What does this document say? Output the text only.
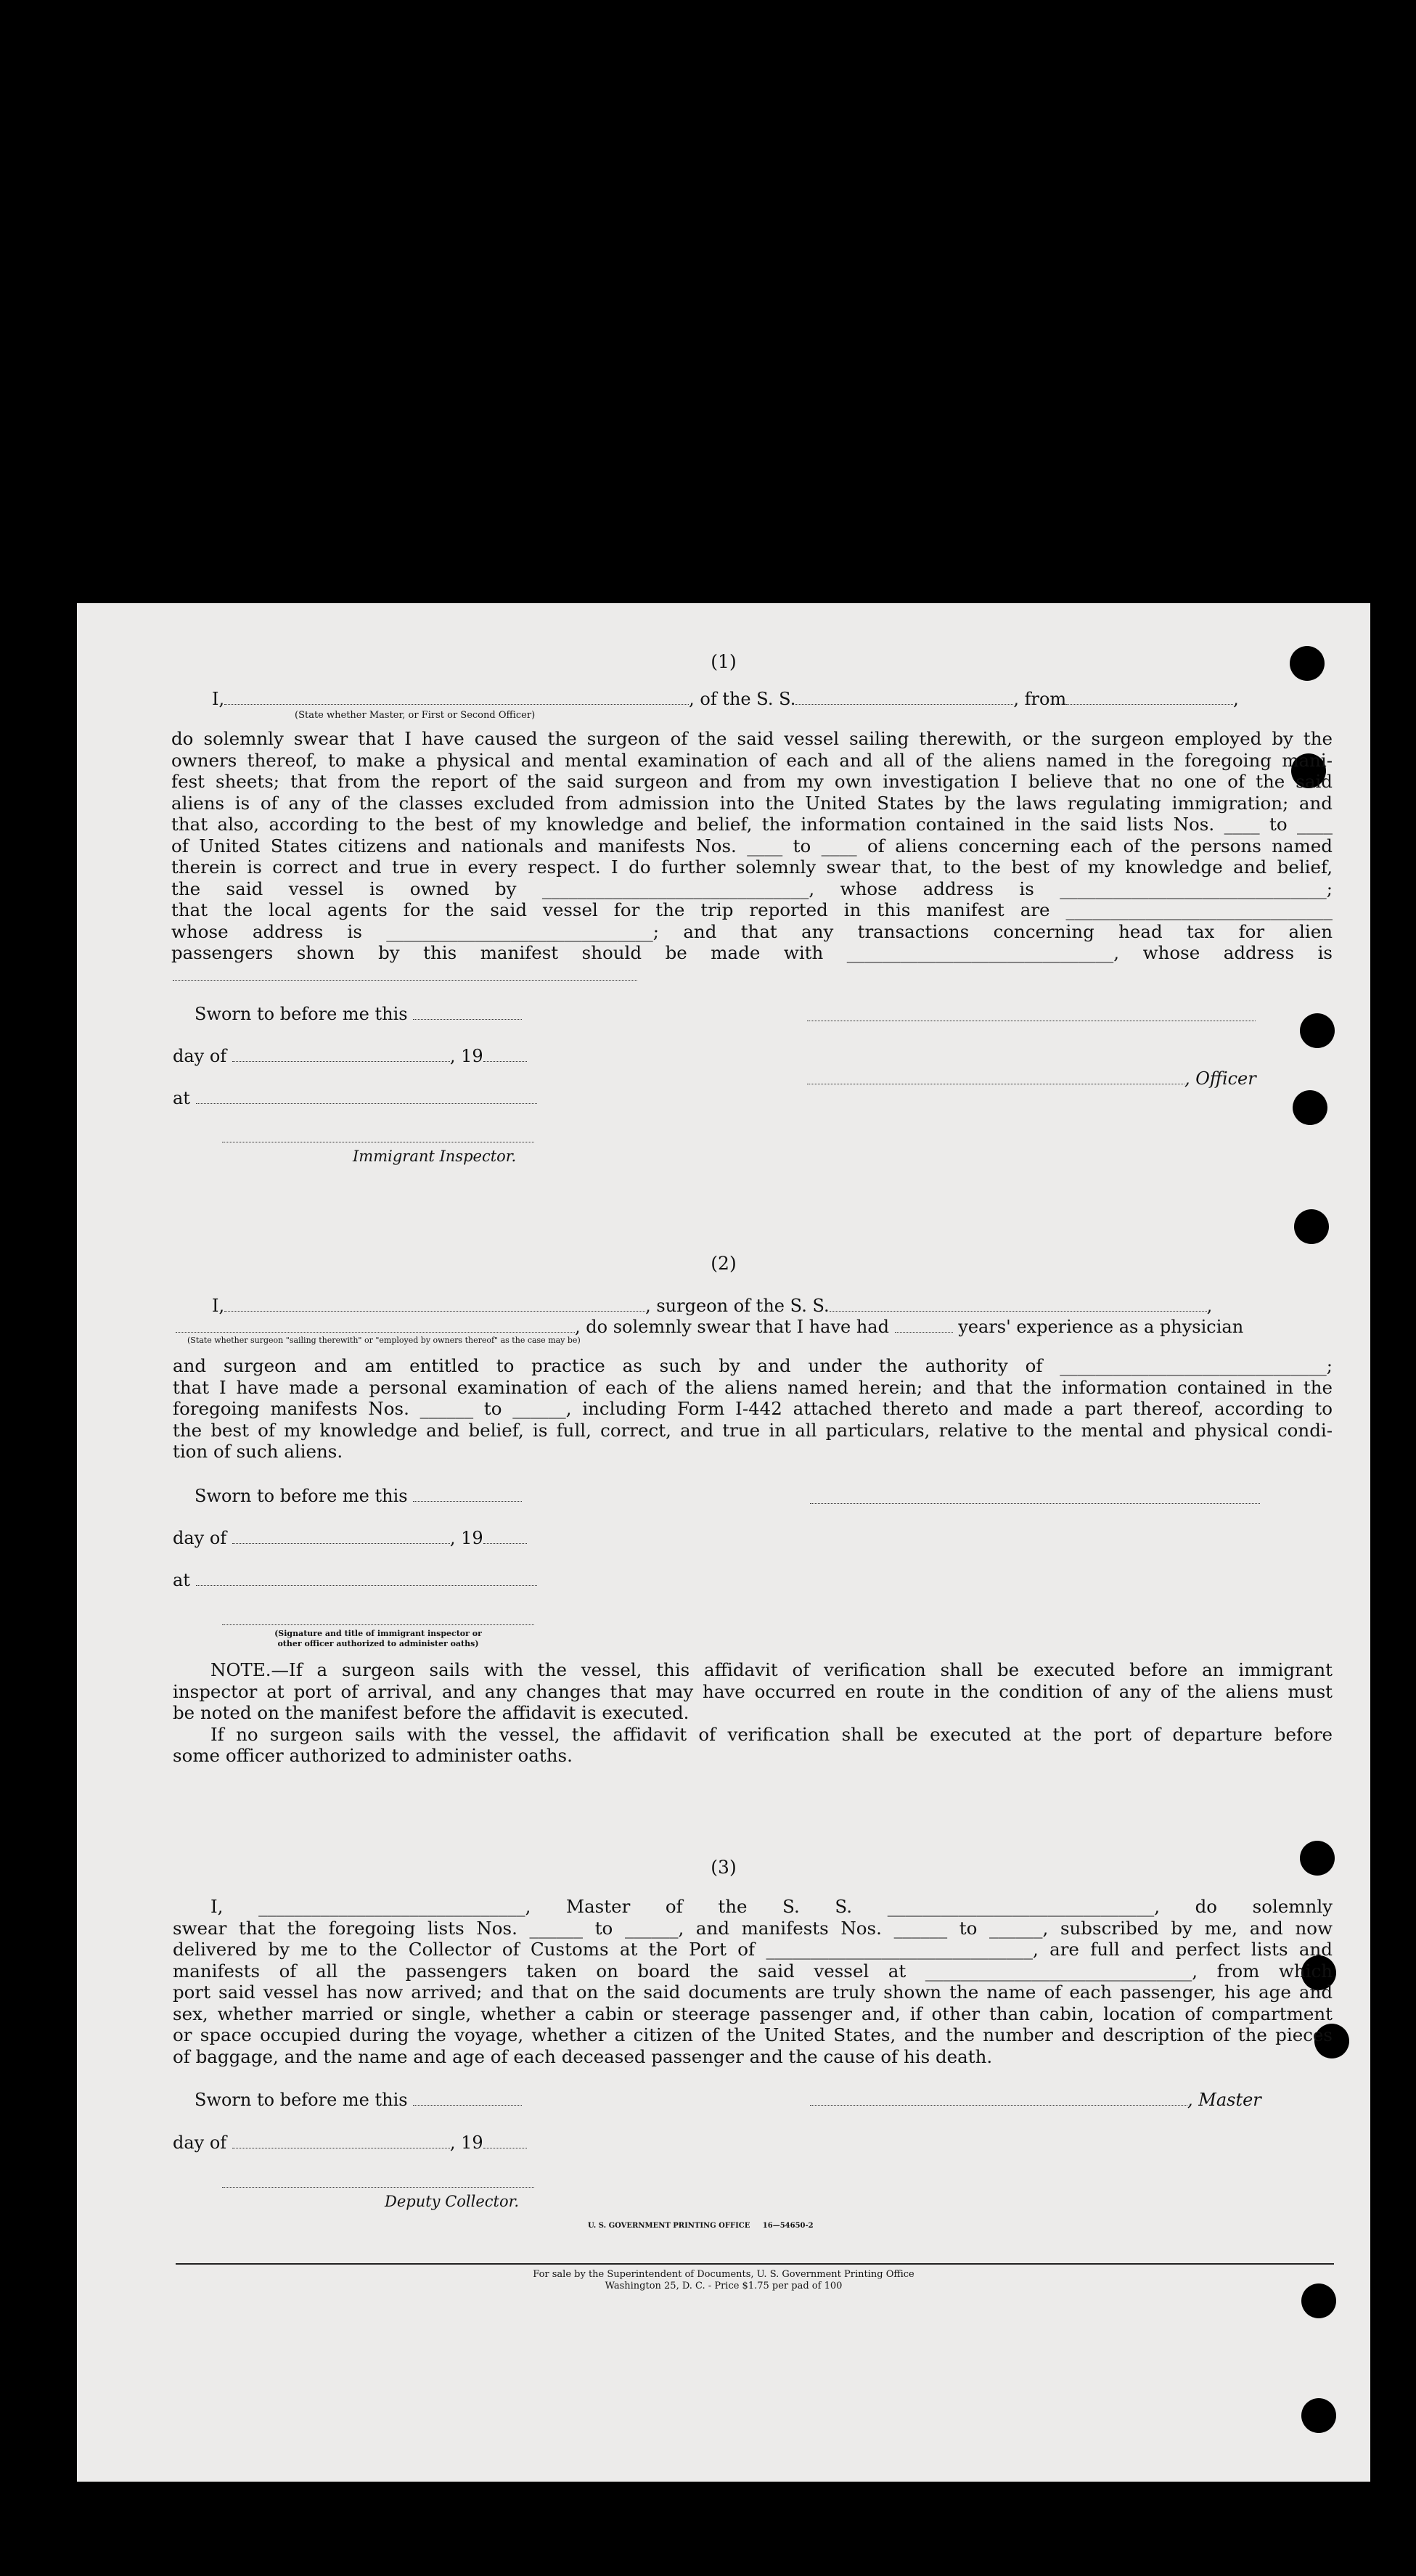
(1)
I,	, of the S. S.	, from	,
(State whether Master, or First or Second Officer)
do solemnly swear that I have caused the surgeon of the said vessel sailing therewith, or the surgeon employed by the
owners thereof, to make a physical and mental examination of each and all of the aliens named in the foregoing mani-
fest sheets; that from the report of the said surgeon and from my own investigation I believe that no one of the said
aliens is of any of the classes excluded from admission into the United States by the laws regulating immigration; and
that also, according to the best of my knowledge and belief, the information contained in the said lists Nos. ____ to ____
of United States citizens and nationals and manifests Nos. ____ to ____ of aliens concerning each of the persons named
therein is correct and true in every respect. I do further solemnly swear that, to the best of my knowledge and belief,
the said vessel is owned by ______________________________, whose address is ______________________________;
that the local agents for the said vessel for the trip reported in this manifest are ______________________________
whose address is ______________________________; and that any transactions concerning head tax for alien
passengers shown by this manifest should be made with ______________________________, whose address is
Sworn to before me this
day of	, 19
, Officer
at
Immigrant Inspector.
(2)
I,	, surgeon of the S. S.	,
, do solemnly swear that I have had	years' experience as a physician
(State whether surgeon "sailing therewith" or "employed by owners thereof" as the case may be)
and surgeon and am entitled to practice as such by and under the authority of ______________________________;
that I have made a personal examination of each of the aliens named herein; and that the information contained in the
foregoing manifests Nos. ______ to ______, including Form I-442 attached thereto and made a part thereof, according to
the best of my knowledge and belief, is full, correct, and true in all particulars, relative to the mental and physical condi-
tion of such aliens.
Sworn to before me this
day of	, 19
at
(Signature and title of immigrant inspector or
other officer authorized to administer oaths)
NOTE.—If a surgeon sails with the vessel, this affidavit of verification shall be executed before an immigrant
inspector at port of arrival, and any changes that may have occurred en route in the condition of any of the aliens must
be noted on the manifest before the affidavit is executed.
If no surgeon sails with the vessel, the affidavit of verification shall be executed at the port of departure before
some officer authorized to administer oaths.
(3)
I, ______________________________, Master of the S. S. ______________________________, do solemnly
swear that the foregoing lists Nos. ______ to ______, and manifests Nos. ______ to ______, subscribed by me, and now
delivered by me to the Collector of Customs at the Port of ______________________________, are full and perfect lists and
manifests of all the passengers taken on board the said vessel at ______________________________, from which
port said vessel has now arrived; and that on the said documents are truly shown the name of each passenger, his age and
sex, whether married or single, whether a cabin or steerage passenger and, if other than cabin, location of compartment
or space occupied during the voyage, whether a citizen of the United States, and the number and description of the pieces
of baggage, and the name and age of each deceased passenger and the cause of his death.
Sworn to before me this	, Master
day of	, 19
Deputy Collector.
U. S. GOVERNMENT PRINTING OFFICE 16—54650-2
For sale by the Superintendent of Documents, U. S. Government Printing Office
Washington 25, D. C. - Price $1.75 per pad of 100
